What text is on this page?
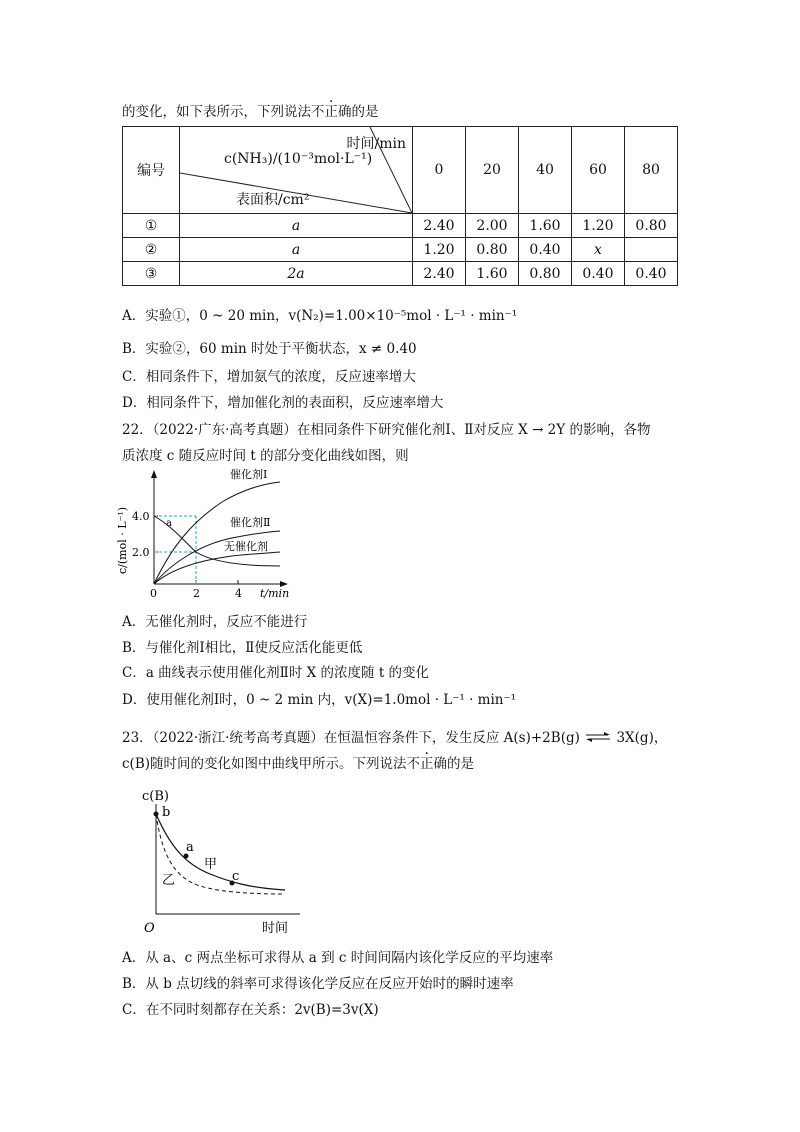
的变化，如下表所示，下列说法不正确的是
编号	时间/min
c(NH₃)/(10⁻³mol·L⁻¹)
表面积/cm²	0	20	40	60	80
①	a	2.40	2.00	1.60	1.20	0.80
②	a	1.20	0.80	0.40	x	
③	2a	2.40	1.60	0.80	0.40	0.40
A．实验①，0 ~ 20 min，v(N₂)=1.00×10⁻⁵mol · L⁻¹ · min⁻¹
B．实验②，60 min 时处于平衡状态，x ≠ 0.40
C．相同条件下，增加氨气的浓度，反应速率增大
D．相同条件下，增加催化剂的表面积，反应速率增大
22．（2022·广东·高考真题）在相同条件下研究催化剂Ⅰ、Ⅱ对反应 X → 2Y 的影响，各物
质浓度 c 随反应时间 t 的部分变化曲线如图，则
4.0
2.0
0	2	4 t/min
c/(mol · L⁻¹)
催化剂Ⅰ
催化剂Ⅱ
无催化剂
a
A．无催化剂时，反应不能进行
B．与催化剂Ⅰ相比，Ⅱ使反应活化能更低
C．a 曲线表示使用催化剂Ⅱ时 X 的浓度随 t 的变化
D．使用催化剂Ⅰ时，0 ~ 2 min 内，v(X)=1.0mol · L⁻¹ · min⁻¹
23．（2022·浙江·统考高考真题）在恒温恒容条件下，发生反应 A(s)+2B(g) ⇌ 3X(g)，
c(B)随时间的变化如图中曲线甲所示。下列说法不正确的是
c(B)
O	时间
b
a
c
甲
乙
A．从 a、c 两点坐标可求得从 a 到 c 时间间隔内该化学反应的平均速率
B．从 b 点切线的斜率可求得该化学反应在反应开始时的瞬时速率
C．在不同时刻都存在关系：2v(B)=3v(X)
